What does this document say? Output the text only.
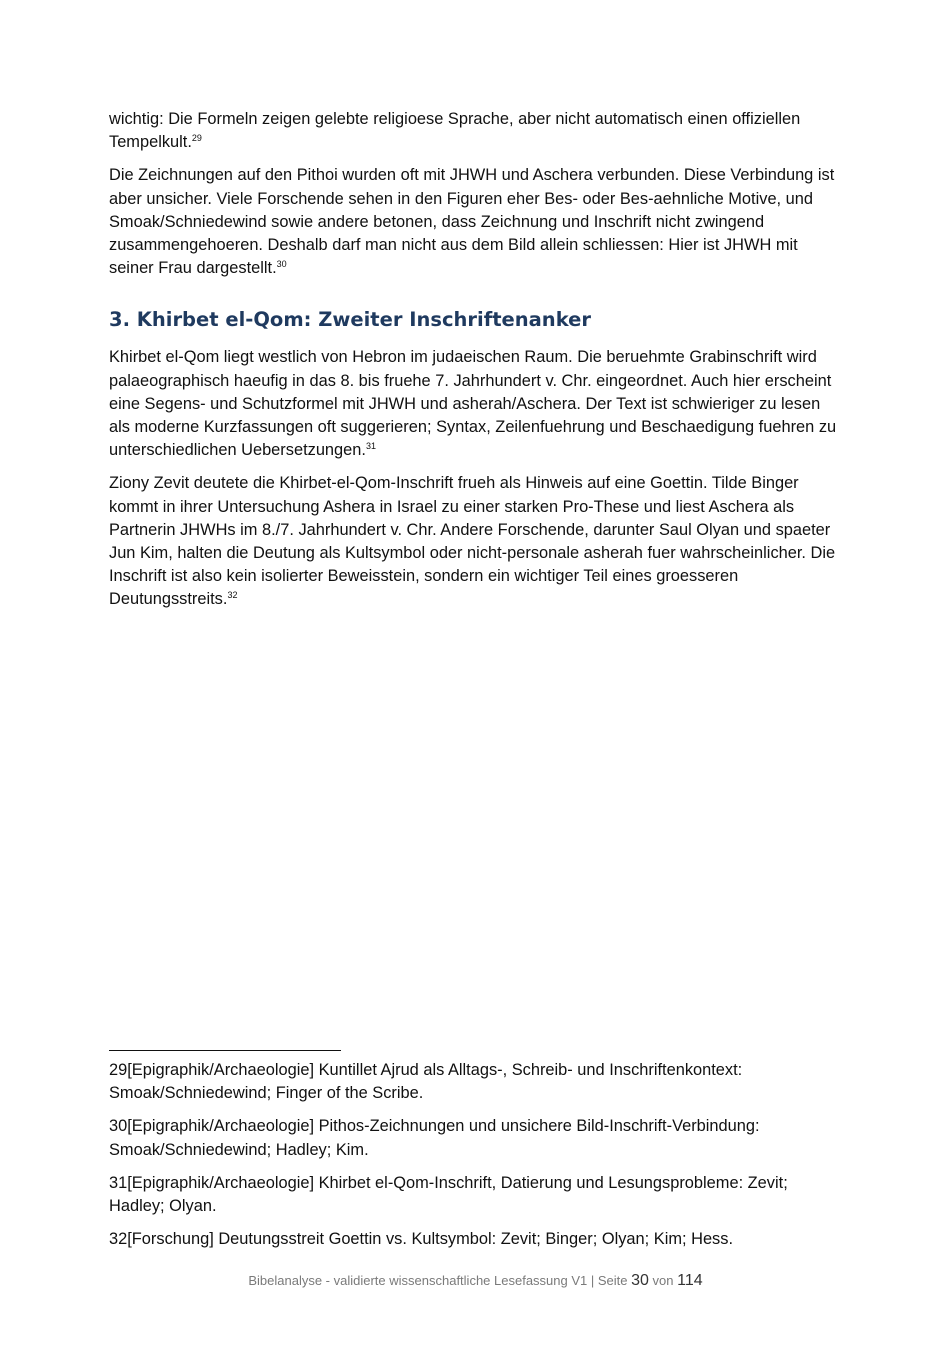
wichtig: Die Formeln zeigen gelebte religioese Sprache, aber nicht automatisch einen offiziellen Tempelkult.$^{29}$

Die Zeichnungen auf den Pithoi wurden oft mit JHWH und Aschera verbunden. Diese Verbindung ist aber unsicher. Viele Forschende sehen in den Figuren eher Bes- oder Bes-aehnliche Motive, und Smoak/Schniedewind sowie andere betonen, dass Zeichnung und Inschrift nicht zwingend zusammengehoeren. Deshalb darf man nicht aus dem Bild allein schliessen: Hier ist JHWH mit seiner Frau dargestellt.$^{30}$

3. Khirbet el-Qom: Zweiter Inschriftenanker

Khirbet el-Qom liegt westlich von Hebron im judaeischen Raum. Die beruehmte Grabinschrift wird palaeographisch haeufig in das 8. bis fruehe 7. Jahrhundert v. Chr. eingeordnet. Auch hier erscheint eine Segens- und Schutzformel mit JHWH und asherah/Aschera. Der Text ist schwieriger zu lesen als moderne Kurzfassungen oft suggerieren; Syntax, Zeilenfuehrung und Beschaedigung fuehren zu unterschiedlichen Uebersetzungen.$^{31}$

Ziony Zevit deutete die Khirbet-el-Qom-Inschrift frueh als Hinweis auf eine Goettin. Tilde Binger kommt in ihrer Untersuchung Ashera in Israel zu einer starken Pro-These und liest Aschera als Partnerin JHWHs im 8./7. Jahrhundert v. Chr. Andere Forschende, darunter Saul Olyan und spaeter Jun Kim, halten die Deutung als Kultsymbol oder nicht-personale asherah fuer wahrscheinlicher. Die Inschrift ist also kein isolierter Beweisstein, sondern ein wichtiger Teil eines groesseren Deutungsstreits.$^{32}$

29[Epigraphik/Archaeologie] Kuntillet Ajrud als Alltags-, Schreib- und Inschriftenkontext: Smoak/Schniedewind; Finger of the Scribe.

30[Epigraphik/Archaeologie] Pithos-Zeichnungen und unsichere Bild-Inschrift-Verbindung: Smoak/Schniedewind; Hadley; Kim.

31[Epigraphik/Archaeologie] Khirbet el-Qom-Inschrift, Datierung und Lesungsprobleme: Zevit; Hadley; Olyan.

32[Forschung] Deutungsstreit Goettin vs. Kultsymbol: Zevit; Binger; Olyan; Kim; Hess.

Bibelanalyse - validierte wissenschaftliche Lesefassung V1 | Seite 30 von 114
